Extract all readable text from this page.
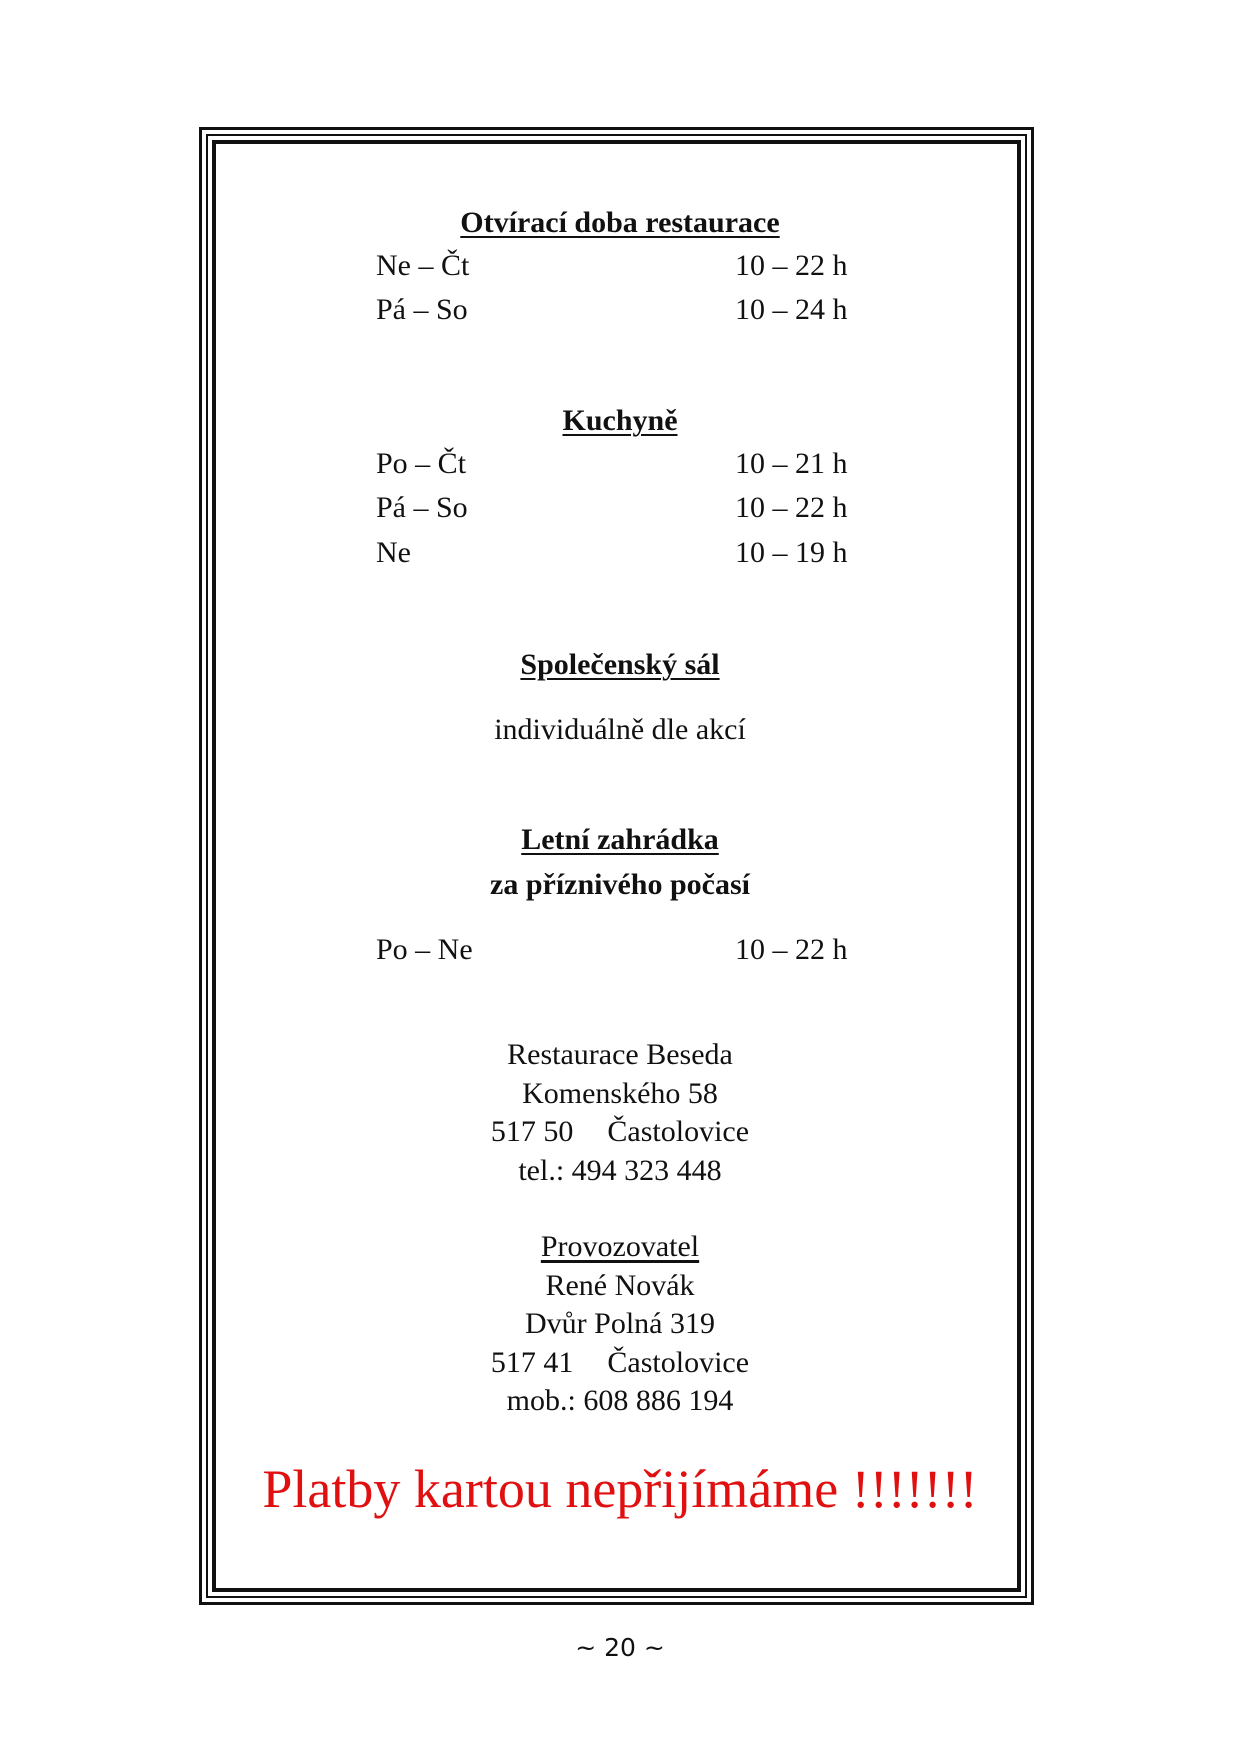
Otvírací doba restaurace
Ne – Čt	10 – 22 h
Pá – So	10 – 24 h
Kuchyně
Po – Čt	10 – 21 h
Pá – So	10 – 22 h
Ne	10 – 19 h
Společenský sál
individuálně dle akcí
Letní zahrádka
za příznivého počasí
Po – Ne	10 – 22 h
Restaurace Beseda
Komenského 58
517 50 Častolovice
tel.: 494 323 448
Provozovatel
René Novák
Dvůr Polná 319
517 41 Častolovice
mob.: 608 886 194
Platby kartou nepřijímáme !!!!!!!
~ 20 ~
